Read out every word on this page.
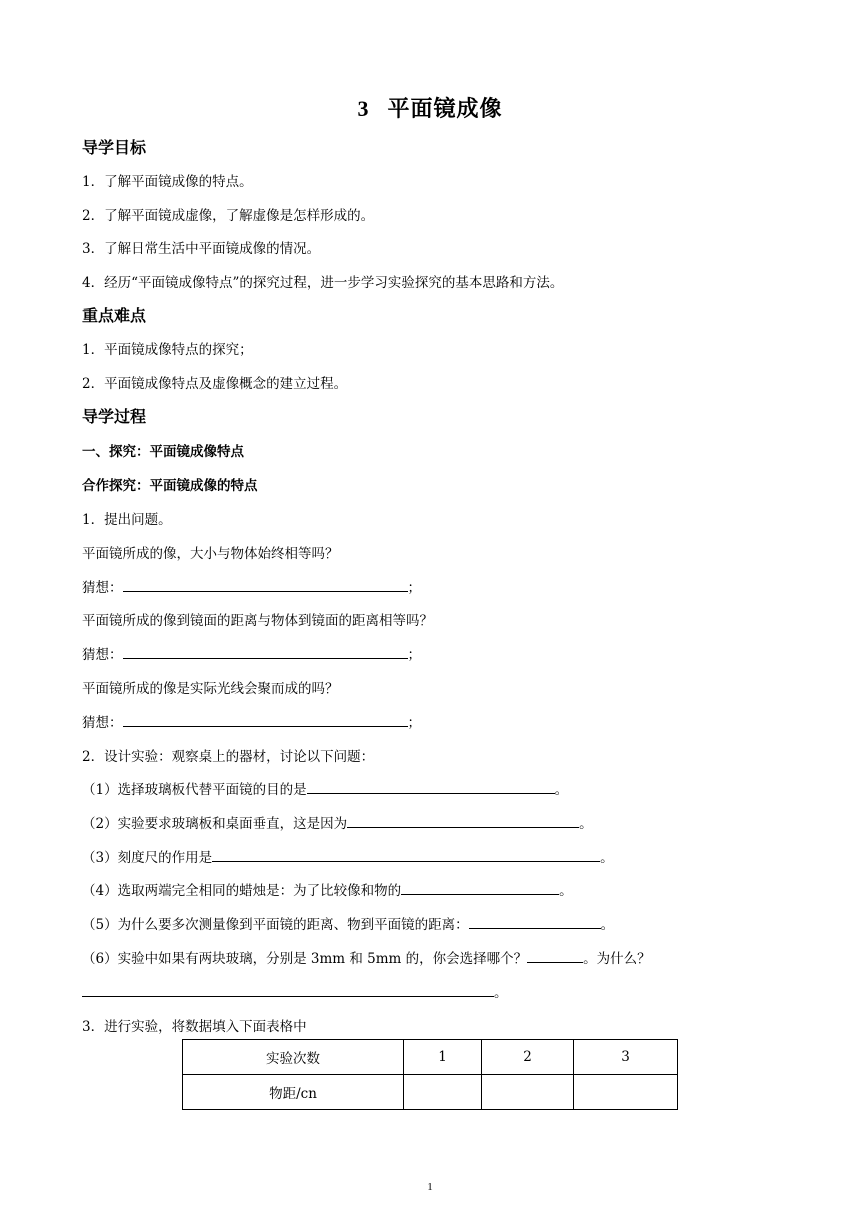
3 平面镜成像
导学目标
1．了解平面镜成像的特点。
2．了解平面镜成虚像，了解虚像是怎样形成的。
3．了解日常生活中平面镜成像的情况。
4．经历“平面镜成像特点”的探究过程，进一步学习实验探究的基本思路和方法。
重点难点
1．平面镜成像特点的探究；
2．平面镜成像特点及虚像概念的建立过程。
导学过程
一、探究：平面镜成像特点
合作探究：平面镜成像的特点
1．提出问题。
平面镜所成的像，大小与物体始终相等吗？
猜想：	；
平面镜所成的像到镜面的距离与物体到镜面的距离相等吗？
猜想：	；
平面镜所成的像是实际光线会聚而成的吗？
猜想：	；
2．设计实验：观察桌上的器材，讨论以下问题：
（1）选择玻璃板代替平面镜的目的是	。
（2）实验要求玻璃板和桌面垂直，这是因为	。
（3）刻度尺的作用是	。
（4）选取两端完全相同的蜡烛是：为了比较像和物的	。
（5）为什么要多次测量像到平面镜的距离、物到平面镜的距离：	。
（6）实验中如果有两块玻璃，分别是 3mm 和 5mm 的，你会选择哪个？	。为什么？
。
3．进行实验，将数据填入下面表格中
实验次数	1	2	3
物距/cn			
1
